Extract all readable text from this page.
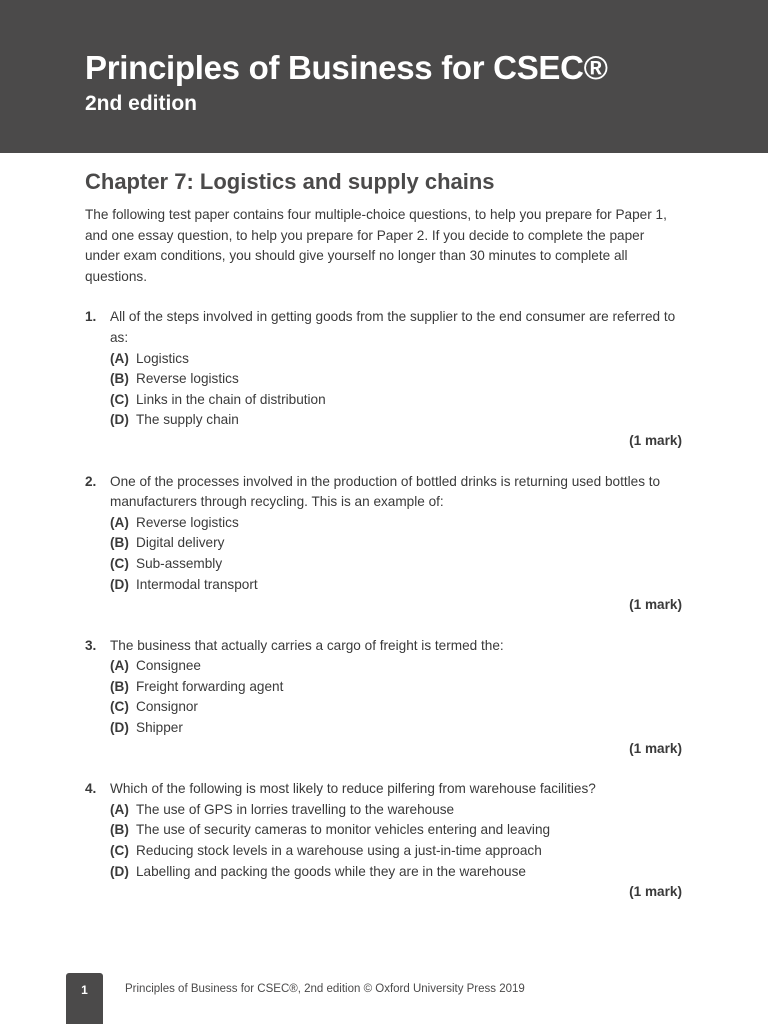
Principles of Business for CSEC®
2nd edition
Chapter 7: Logistics and supply chains

The following test paper contains four multiple-choice questions, to help you prepare for Paper 1, and one essay question, to help you prepare for Paper 2. If you decide to complete the paper under exam conditions, you should give yourself no longer than 30 minutes to complete all questions.

1. All of the steps involved in getting goods from the supplier to the end consumer are referred to as:

(A) Logistics
(B) Reverse logistics
(C) Links in the chain of distribution
(D) The supply chain
(1 mark)
2. One of the processes involved in the production of bottled drinks is returning used bottles to manufacturers through recycling. This is an example of:

(A) Reverse logistics
(B) Digital delivery
(C) Sub-assembly
(D) Intermodal transport
(1 mark)
3. The business that actually carries a cargo of freight is termed the:

(A) Consignee
(B) Freight forwarding agent
(C) Consignor
(D) Shipper
(1 mark)
4. Which of the following is most likely to reduce pilfering from warehouse facilities?

(A) The use of GPS in lorries travelling to the warehouse
(B) The use of security cameras to monitor vehicles entering and leaving
(C) Reducing stock levels in a warehouse using a just-in-time approach
(D) Labelling and packing the goods while they are in the warehouse
(1 mark)
1	Principles of Business for CSEC®, 2nd edition © Oxford University Press 2019
